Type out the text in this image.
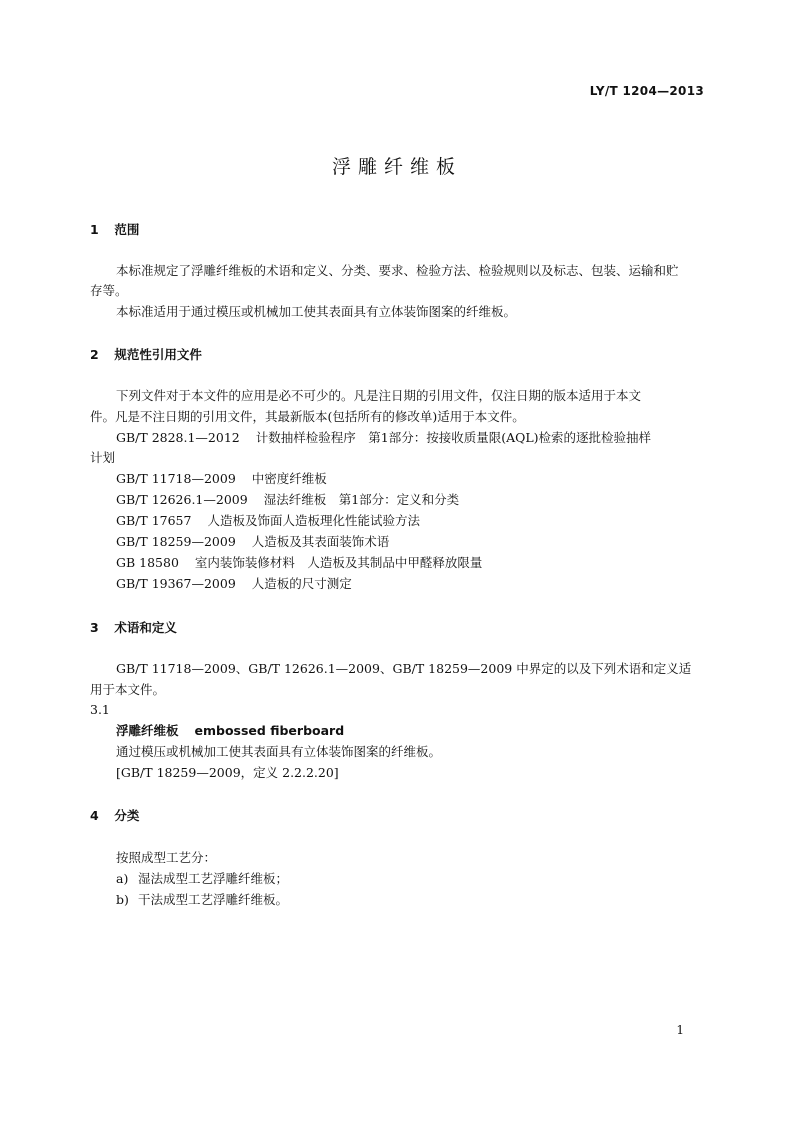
LY/T 1204—2013
浮雕纤维板
1 范围
本标准规定了浮雕纤维板的术语和定义、分类、要求、检验方法、检验规则以及标志、包装、运输和贮
存等。
本标准适用于通过模压或机械加工使其表面具有立体装饰图案的纤维板。
2 规范性引用文件
下列文件对于本文件的应用是必不可少的。凡是注日期的引用文件，仅注日期的版本适用于本文
件。凡是不注日期的引用文件，其最新版本(包括所有的修改单)适用于本文件。
GB/T 2828.1—2012 计数抽样检验程序　第1部分：按接收质量限(AQL)检索的逐批检验抽样
计划
GB/T 11718—2009 中密度纤维板
GB/T 12626.1—2009 湿法纤维板　第1部分：定义和分类
GB/T 17657 人造板及饰面人造板理化性能试验方法
GB/T 18259—2009 人造板及其表面装饰术语
GB 18580 室内装饰装修材料　人造板及其制品中甲醛释放限量
GB/T 19367—2009 人造板的尺寸测定
3 术语和定义
GB/T 11718—2009、GB/T 12626.1—2009、GB/T 18259—2009 中界定的以及下列术语和定义适
用于本文件。
3.1
浮雕纤维板 embossed fiberboard
通过模压或机械加工使其表面具有立体装饰图案的纤维板。
[GB/T 18259—2009，定义 2.2.2.20]
4 分类
按照成型工艺分：
a) 湿法成型工艺浮雕纤维板；
b) 干法成型工艺浮雕纤维板。
1
